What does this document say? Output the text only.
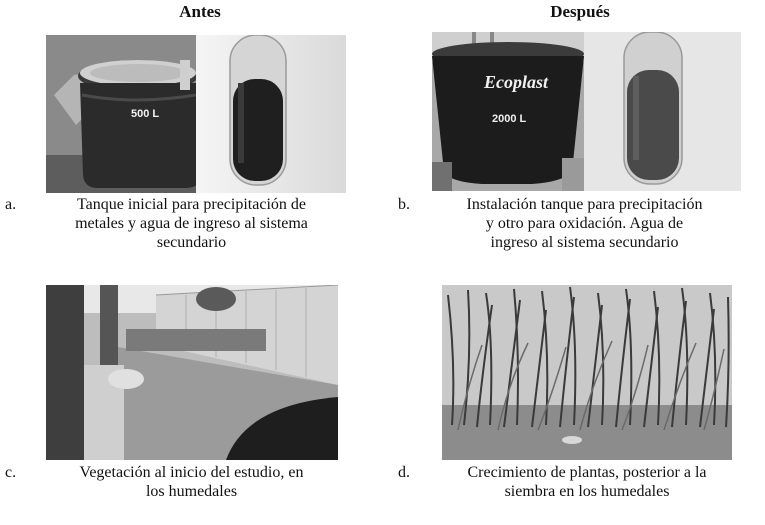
Antes	Después
500 L
Ecoplast
2000 L
a.	Tanque inicial para precipitación de
metales y agua de ingreso al sistema
secundario
b.	Instalación tanque para precipitación
y otro para oxidación. Agua de
ingreso al sistema secundario
c.	Vegetación al inicio del estudio, en
los humedales
d.	Crecimiento de plantas, posterior a la
siembra en los humedales
